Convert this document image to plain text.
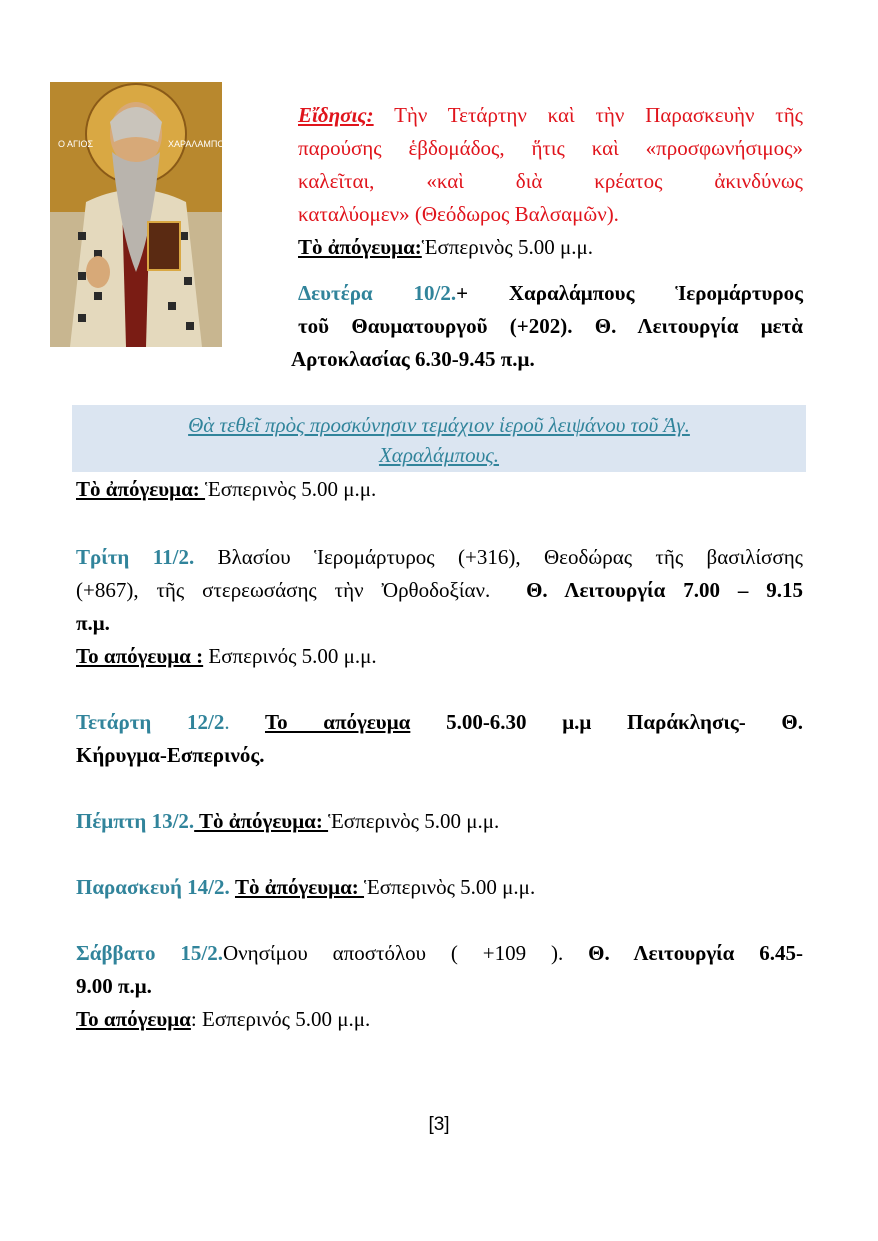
Ο ΑΓΙΟΣ	ΧΑΡΑΛΑΜΠΟΣ

Εἴδησις: Τὴν Τετάρτην καὶ τὴν Παρασκευὴν τῆς

παρούσης ἑβδομάδος, ἥτις καὶ «προσφωνήσιμος»

καλεῖται, «καὶ διὰ κρέατος ἀκινδύνως

καταλύομεν» (Θεόδωρος Βαλσαμῶν).

Τὸ ἀπόγευμα:Ἑσπερινὸς 5.00 μ.μ.

Δευτέρα 10/2.+ Χαραλάμπους Ἱερομάρτυρος

τοῦ Θαυματουργοῦ (+202). Θ. Λειτουργία μετὰ

Αρτοκλασίας 6.30-9.45 π.μ.

Θὰ τεθεῖ πρὸς προσκύνησιν τεμάχιον ἱεροῦ λειψάνου τοῦ Ἁγ.
Χαραλάμπους.

Τὸ ἀπόγευμα: Ἑσπερινὸς 5.00 μ.μ.

Τρίτη 11/2. Βλασίου Ἱερομάρτυρος (+316), Θεοδώρας τῆς βασιλίσσης

(+867), τῆς στερεωσάσης τὴν Ὀρθοδοξίαν. Θ. Λειτουργία 7.00 – 9.15

π.μ.

Το απόγευμα : Εσπερινός 5.00 μ.μ.

Τετάρτη 12/2. Το απόγευμα 5.00-6.30 μ.μ Παράκλησις- Θ.

Κήρυγμα-Εσπερινός.

Πέμπτη 13/2. Τὸ ἀπόγευμα: Ἑσπερινὸς 5.00 μ.μ.

Παρασκευή 14/2. Τὸ ἀπόγευμα: Ἑσπερινὸς 5.00 μ.μ.

Σάββατο 15/2.Ονησίμου αποστόλου ( +109 ). Θ. Λειτουργία 6.45-

9.00 π.μ.

Το απόγευμα: Εσπερινός 5.00 μ.μ.

[3]
